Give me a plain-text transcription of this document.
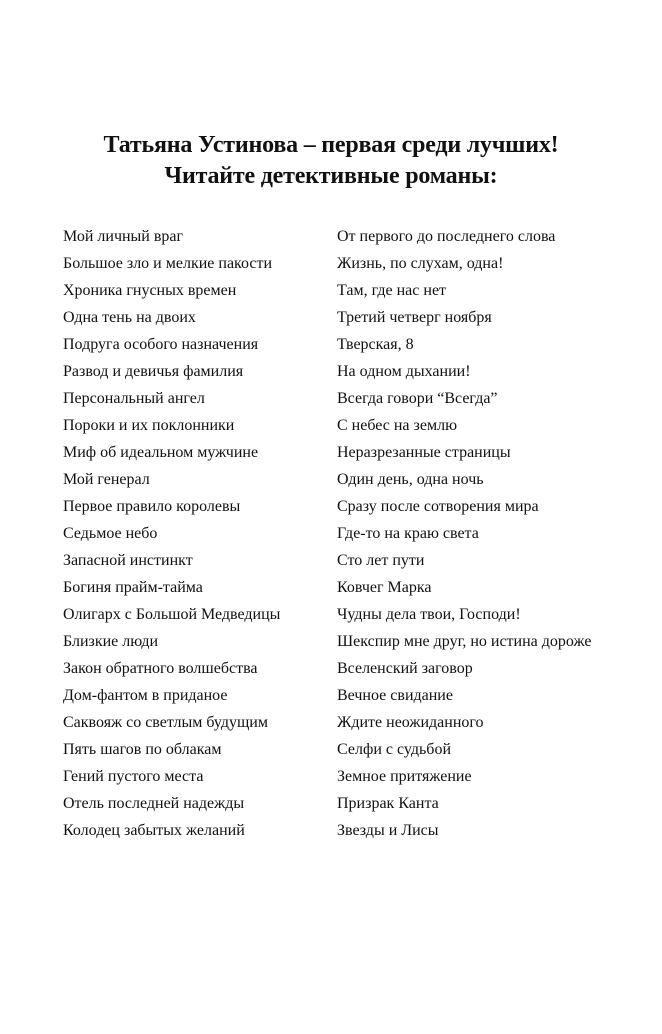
Татьяна Устинова – первая среди лучших!
Читайте детективные романы:
Мой личный враг
Большое зло и мелкие пакости
Хроника гнусных времен
Одна тень на двоих
Подруга особого назначения
Развод и девичья фамилия
Персональный ангел
Пороки и их поклонники
Миф об идеальном мужчине
Мой генерал
Первое правило королевы
Седьмое небо
Запасной инстинкт
Богиня прайм-тайма
Олигарх с Большой Медведицы
Близкие люди
Закон обратного волшебства
Дом-фантом в приданое
Саквояж со светлым будущим
Пять шагов по облакам
Гений пустого места
Отель последней надежды
Колодец забытых желаний
От первого до последнего слова
Жизнь, по слухам, одна!
Там, где нас нет
Третий четверг ноября
Тверская, 8
На одном дыхании!
Всегда говори “Всегда”
С небес на землю
Неразрезанные страницы
Один день, одна ночь
Сразу после сотворения мира
Где-то на краю света
Сто лет пути
Ковчег Марка
Чудны дела твои, Господи!
Шекспир мне друг, но истина дороже
Вселенский заговор
Вечное свидание
Ждите неожиданного
Селфи с судьбой
Земное притяжение
Призрак Канта
Звезды и Лисы
